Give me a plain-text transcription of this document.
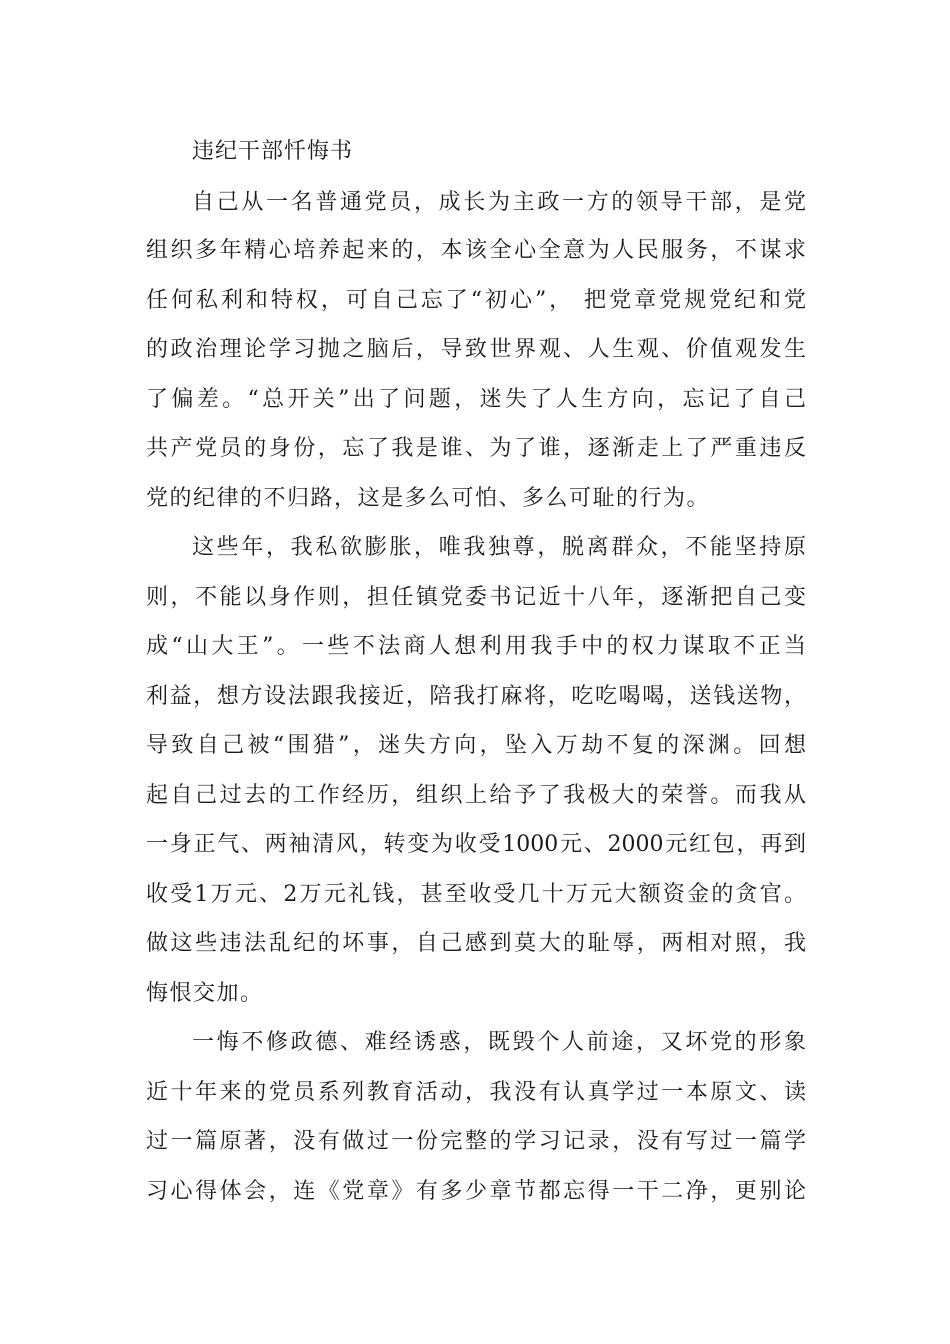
违纪干部忏悔书
自己从一名普通党员，成长为主政一方的领导干部，是党
组织多年精心培养起来的，本该全心全意为人民服务，不谋求
任何私利和特权，可自己忘了“初心”， 把党章党规党纪和党
的政治理论学习抛之脑后，导致世界观、人生观、价值观发生
了偏差。“总开关”出了问题，迷失了人生方向，忘记了自己
共产党员的身份，忘了我是谁、为了谁，逐渐走上了严重违反
党的纪律的不归路，这是多么可怕、多么可耻的行为。
这些年，我私欲膨胀，唯我独尊，脱离群众，不能坚持原
则，不能以身作则，担任镇党委书记近十八年，逐渐把自己变
成“山大王”。一些不法商人想利用我手中的权力谋取不正当
利益，想方设法跟我接近，陪我打麻将，吃吃喝喝，送钱送物，
导致自己被“围猎”，迷失方向，坠入万劫不复的深渊。回想
起自己过去的工作经历，组织上给予了我极大的荣誉。而我从
一身正气、两袖清风，转变为收受1000元、2000元红包，再到
收受1万元、2万元礼钱，甚至收受几十万元大额资金的贪官。
做这些违法乱纪的坏事，自己感到莫大的耻辱，两相对照，我
悔恨交加。
一悔不修政德、难经诱惑，既毁个人前途，又坏党的形象
近十年来的党员系列教育活动，我没有认真学过一本原文、读
过一篇原著，没有做过一份完整的学习记录，没有写过一篇学
习心得体会，连《党章》有多少章节都忘得一干二净，更别论
